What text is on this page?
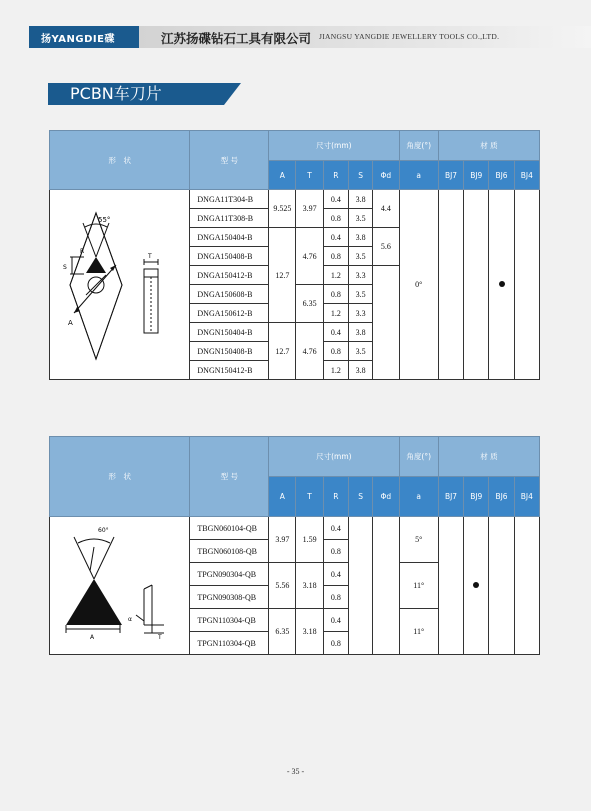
扬YANGDIE碟	江苏扬碟钻石工具有限公司 JIANGSU YANGDIE JEWELLERY TOOLS CO.,LTD.
PCBN车刀片
形　状	型 号	尺寸(mm)					角度(°)	材 质			
		A	T	R	S	Φd	a	BJ7	BJ9	BJ6	BJ4

55°
R
S
A
T	DNGA11T304-B	9.525	3.97	0.4	3.8	4.4	0°				
	DNGA11T308-B			0.8	3.5						
	DNGA150404-B	12.7	4.76	0.4	3.8	5.6					
	DNGA150408-B			0.8	3.5						
	DNGA150412-B			1.2	3.3						
	DNGA150608-B		6.35	0.8	3.5						
	DNGA150612-B			1.2	3.3						
	DNGN150404-B	12.7	4.76	0.4	3.8						
	DNGN150408-B			0.8	3.5						
	DNGN150412-B			1.2	3.8						
形　状	型 号	尺寸(mm)					角度(°)	材 质			
		A	T	R	S	Φd	a	BJ7	BJ9	BJ6	BJ4

60°
A T
α	TBGN060104-QB	3.97	1.59	0.4			5°				
	TBGN060108-QB			0.8							
	TPGN090304-QB	5.56	3.18	0.4			11°				
	TPGN090308-QB			0.8							
	TPGN110304-QB	6.35	3.18	0.4			11°				
	TPGN110304-QB			0.8							
- 35 -
